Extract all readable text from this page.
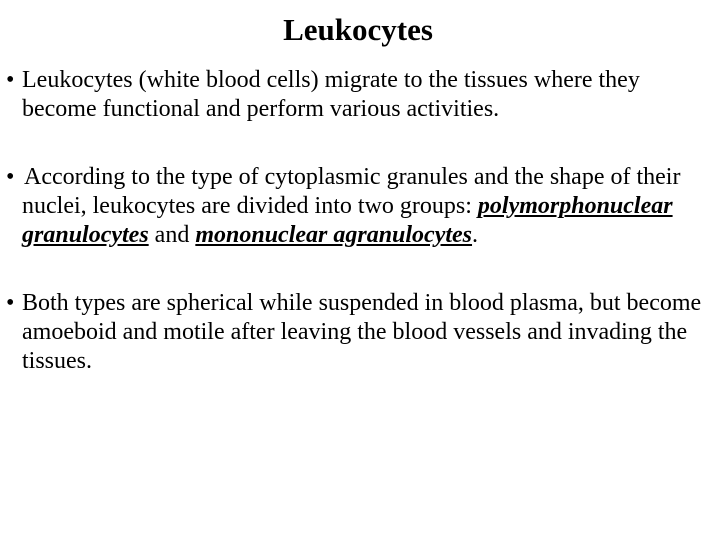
Leukocytes
• Leukocytes (white blood cells) migrate to the tissues where they become functional and perform various activities.
• According to the type of cytoplasmic granules and the shape of their nuclei, leukocytes are divided into two groups: polymorphonuclear granulocytes and mononuclear agranulocytes.
• Both types are spherical while suspended in blood plasma, but become amoeboid and motile after leaving the blood vessels and invading the tissues.
